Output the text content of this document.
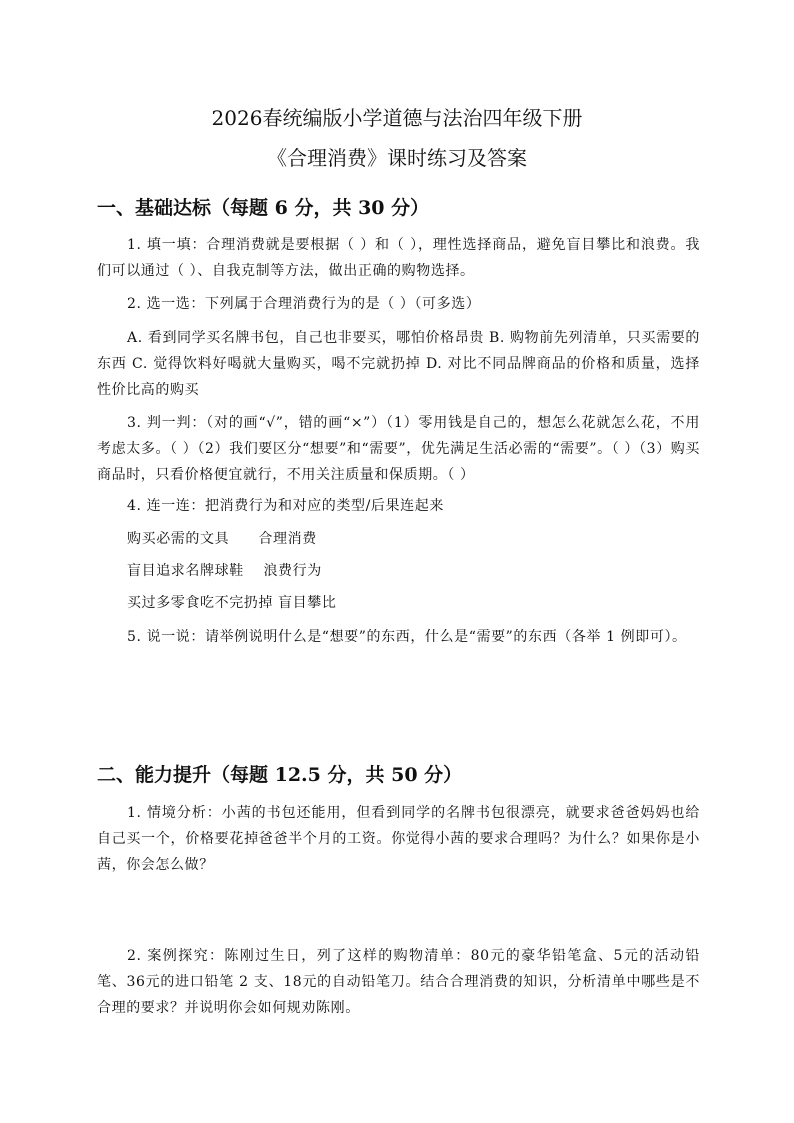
2026春统编版小学道德与法治四年级下册
《合理消费》课时练习及答案
一、基础达标（每题 6 分，共 30 分）
1. 填一填：合理消费就是要根据（ ）和（ ），理性选择商品，避免盲目攀比和浪费。我们可以通过（ ）、自我克制等方法，做出正确的购物选择。
2. 选一选：下列属于合理消费行为的是（ ）（可多选）
A. 看到同学买名牌书包，自己也非要买，哪怕价格昂贵 B. 购物前先列清单，只买需要的东西 C. 觉得饮料好喝就大量购买，喝不完就扔掉 D. 对比不同品牌商品的价格和质量，选择性价比高的购买
3. 判一判：（对的画“√”，错的画“×”）（1）零用钱是自己的，想怎么花就怎么花，不用考虑太多。（ ）（2）我们要区分“想要”和“需要”，优先满足生活必需的“需要”。（ ）（3）购买商品时，只看价格便宜就行，不用关注质量和保质期。（ ）
4. 连一连：把消费行为和对应的类型/后果连起来
购买必需的文具　　合理消费
盲目追求名牌球鞋　 浪费行为
买过多零食吃不完扔掉 盲目攀比
5. 说一说：请举例说明什么是“想要”的东西，什么是“需要”的东西（各举 1 例即可）。
二、能力提升（每题 12.5 分，共 50 分）
1. 情境分析：小茜的书包还能用，但看到同学的名牌书包很漂亮，就要求爸爸妈妈也给自己买一个，价格要花掉爸爸半个月的工资。你觉得小茜的要求合理吗？为什么？如果你是小茜，你会怎么做？
2. 案例探究：陈刚过生日，列了这样的购物清单：80元的豪华铅笔盒、5元的活动铅笔、36元的进口铅笔 2 支、18元的自动铅笔刀。结合合理消费的知识，分析清单中哪些是不合理的要求？并说明你会如何规劝陈刚。
